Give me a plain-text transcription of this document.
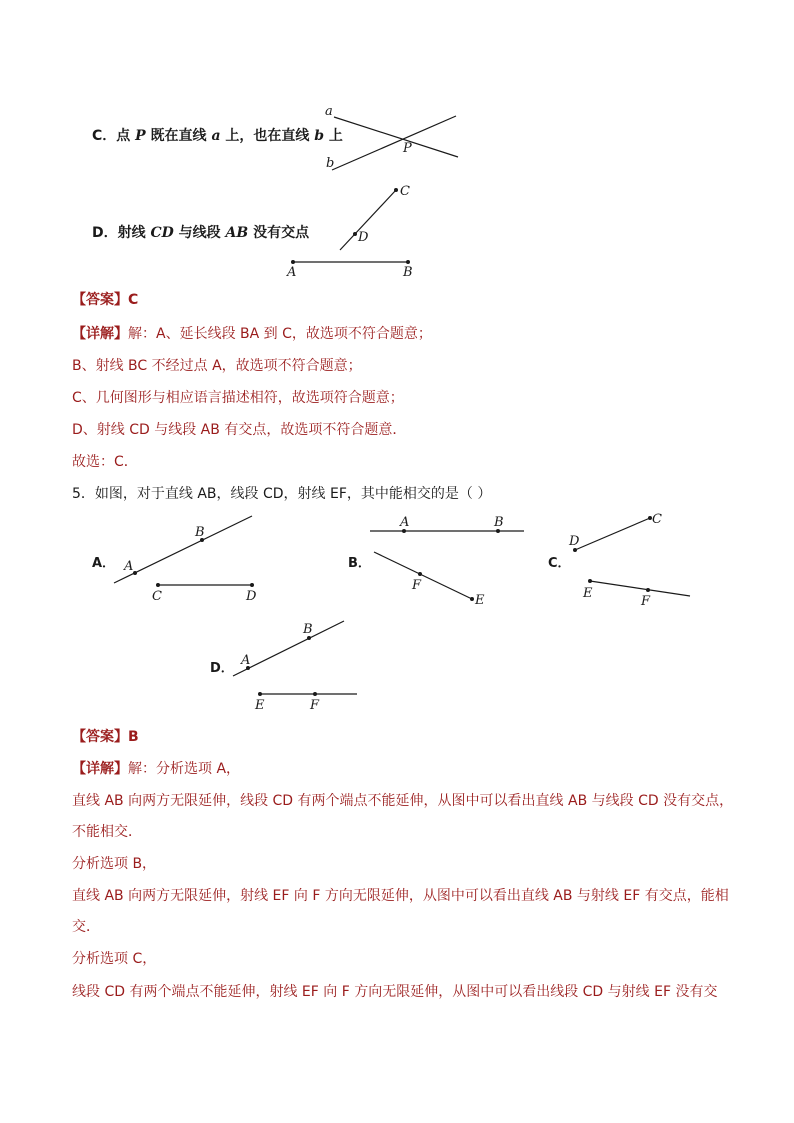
C．点 P 既在直线 a 上，也在直线 b 上
a
b
P
D．射线 CD 与线段 AB 没有交点
C
D
A	B
【答案】C
【详解】解：A、延长线段 BA 到 C，故选项不符合题意；
B、射线 BC 不经过点 A，故选项不符合题意；
C、几何图形与相应语言描述相符，故选项符合题意；
D、射线 CD 与线段 AB 有交点，故选项不符合题意．
故选：C．
5．如图，对于直线 AB，线段 CD，射线 EF，其中能相交的是（ ）
A．	B．	C．
D．
A
B
C	D
A	B
F
E
D
C
E
F
A
B
E	F
【答案】B
【详解】解：分析选项 A，
直线 AB 向两方无限延伸，线段 CD 有两个端点不能延伸，从图中可以看出直线 AB 与线段 CD 没有交点，
不能相交．
分析选项 B，
直线 AB 向两方无限延伸，射线 EF 向 F 方向无限延伸，从图中可以看出直线 AB 与射线 EF 有交点，能相
交．
分析选项 C，
线段 CD 有两个端点不能延伸，射线 EF 向 F 方向无限延伸，从图中可以看出线段 CD 与射线 EF 没有交
